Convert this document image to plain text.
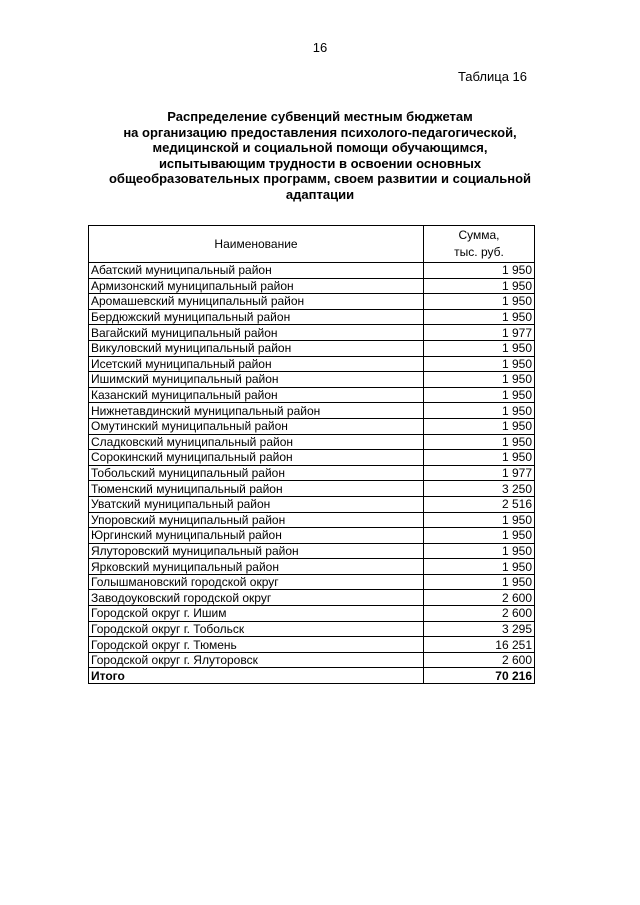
16
Таблица 16
Распределение субвенций местным бюджетам
на организацию предоставления психолого-педагогической,
медицинской и социальной помощи обучающимся,
испытывающим трудности в освоении основных
общеобразовательных программ, своем развитии и социальной
адаптации
Наименование	Сумма,
тыс. руб.
Абатский муниципальный район	1 950
Армизонский муниципальный район	1 950
Аромашевский муниципальный район	1 950
Бердюжский муниципальный район	1 950
Вагайский муниципальный район	1 977
Викуловский муниципальный район	1 950
Исетский муниципальный район	1 950
Ишимский муниципальный район	1 950
Казанский муниципальный район	1 950
Нижнетавдинский муниципальный район	1 950
Омутинский муниципальный район	1 950
Сладковский муниципальный район	1 950
Сорокинский муниципальный район	1 950
Тобольский муниципальный район	1 977
Тюменский муниципальный район	3 250
Уватский муниципальный район	2 516
Упоровский муниципальный район	1 950
Юргинский муниципальный район	1 950
Ялуторовский муниципальный район	1 950
Ярковский муниципальный район	1 950
Голышмановский городской округ	1 950
Заводоуковский городской округ	2 600
Городской округ г. Ишим	2 600
Городской округ г. Тобольск	3 295
Городской округ г. Тюмень	16 251
Городской округ г. Ялуторовск	2 600
Итого	70 216
